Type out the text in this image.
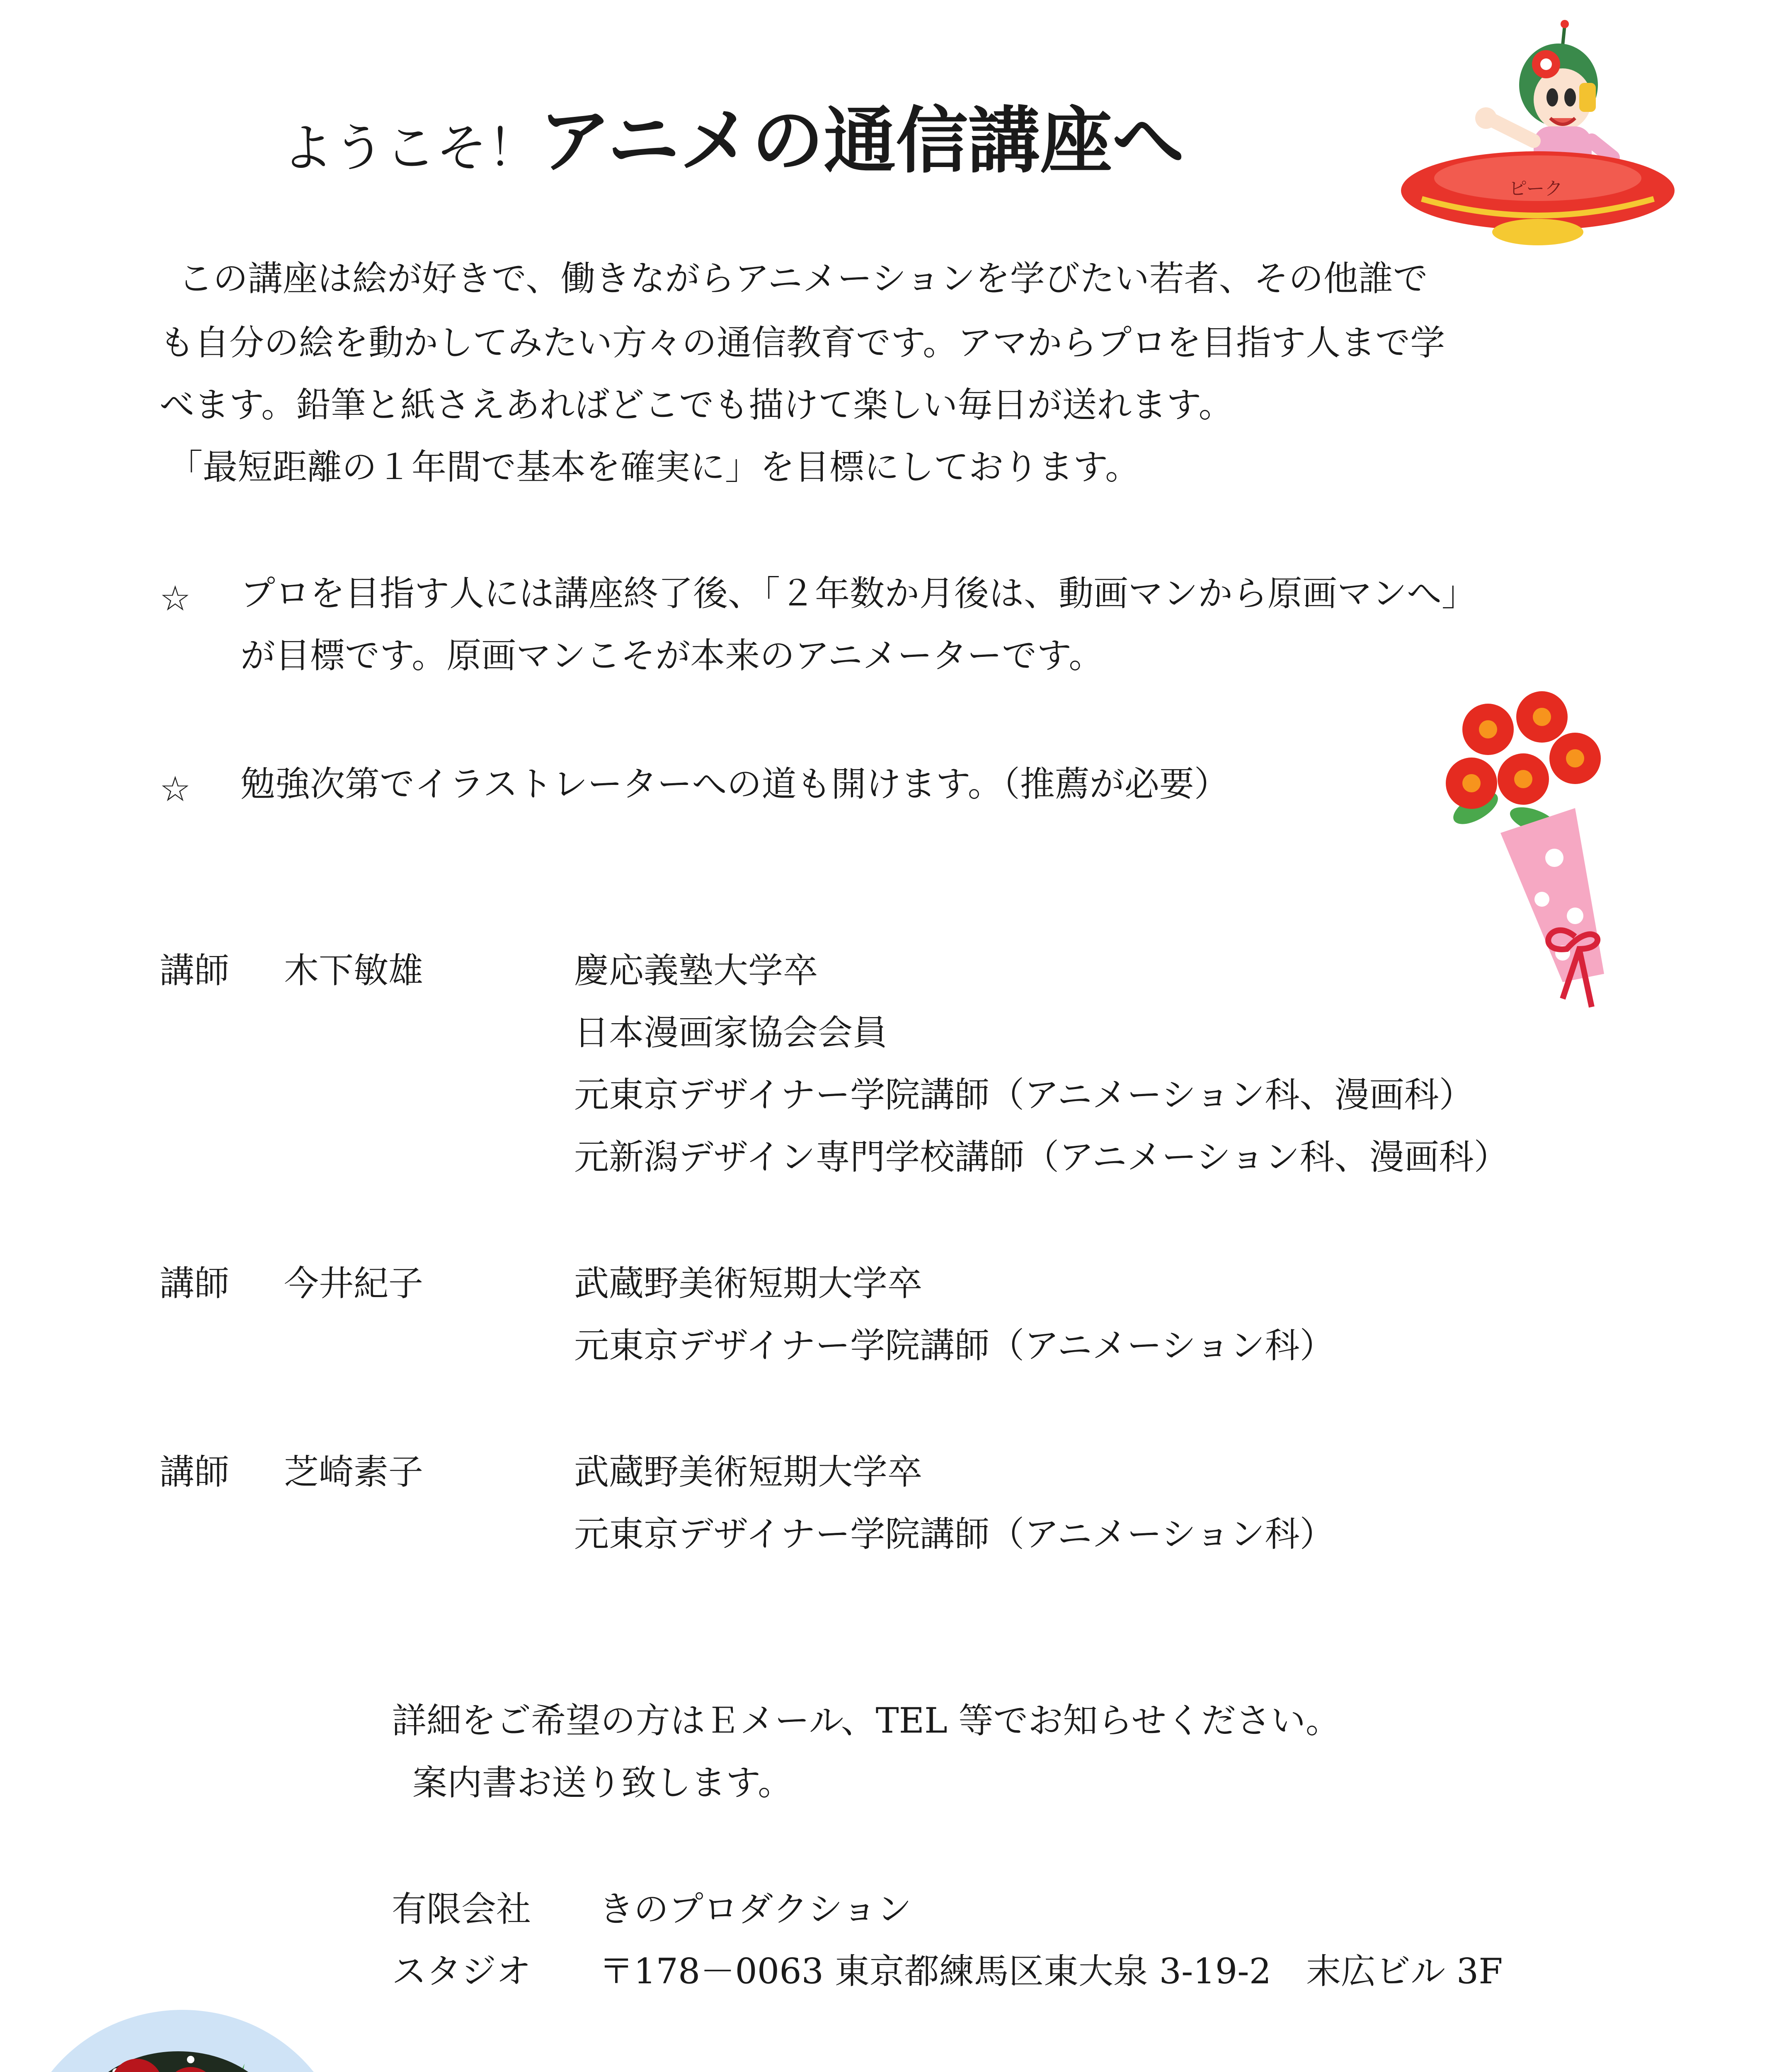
ようこそ！アニメの通信講座へ
ピーク
この講座は絵が好きで、働きながらアニメーションを学びたい若者、その他誰で
も自分の絵を動かしてみたい方々の通信教育です。アマからプロを目指す人まで学
べます。鉛筆と紙さえあればどこでも描けて楽しい毎日が送れます。
「最短距離の１年間で基本を確実に」を目標にしております。
☆ プロを目指す人には講座終了後、「２年数か月後は、動画マンから原画マンへ」
が目標です。原画マンこそが本来のアニメーターです。
☆ 勉強次第でイラストレーターへの道も開けます。（推薦が必要）
講師 木下敏雄	慶応義塾大学卒
日本漫画家協会会員
元東京デザイナー学院講師（アニメーション科、漫画科）
元新潟デザイン専門学校講師（アニメーション科、漫画科）
講師 今井紀子	武蔵野美術短期大学卒
元東京デザイナー学院講師（アニメーション科）
講師 芝崎素子	武蔵野美術短期大学卒
元東京デザイナー学院講師（アニメーション科）
詳細をご希望の方はＥメール、TEL 等でお知らせください。
案内書お送り致します。
有限会社 きのプロダクション
スタジオ 〒178－0063 東京都練馬区東大泉 3-19-2　末広ビル 3F
